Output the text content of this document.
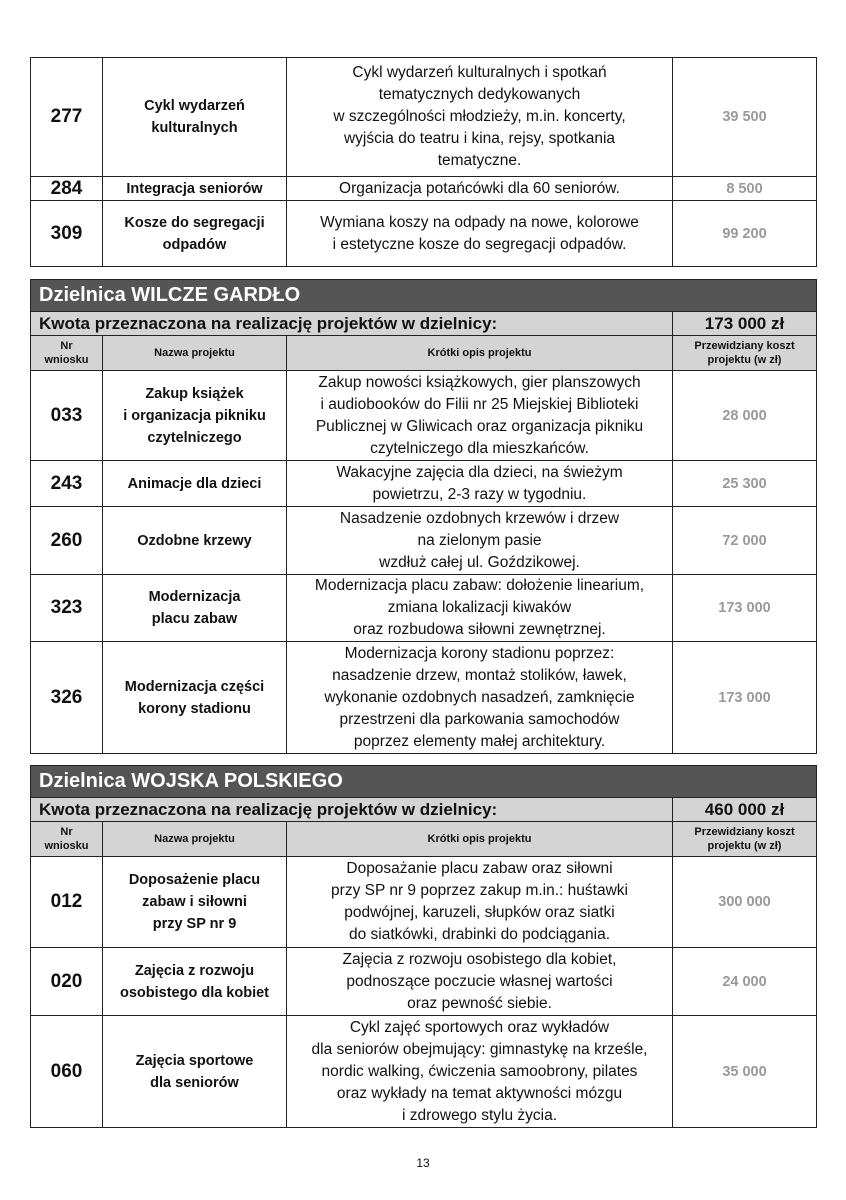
277	Cykl wydarzeń
kulturalnych	Cykl wydarzeń kulturalnych i spotkań
tematycznych dedykowanych
w szczególności młodzieży, m.in. koncerty,
wyjścia do teatru i kina, rejsy, spotkania
tematyczne.	39 500
284	Integracja seniorów	Organizacja potańcówki dla 60 seniorów.	8 500
309	Kosze do segregacji
odpadów	Wymiana koszy na odpady na nowe, kolorowe
i estetyczne kosze do segregacji odpadów.	99 200
Dzielnica WILCZE GARDŁO			
Kwota przeznaczona na realizację projektów w dzielnicy:			173 000 zł

Nr
wniosku	Nazwa projektu	Krótki opis projektu	Przewidziany koszt
projektu (w zł)

033	Zakup książek
i organizacja pikniku
czytelniczego	Zakup nowości książkowych, gier planszowych
i audiobooków do Filii nr 25 Miejskiej Biblioteki
Publicznej w Gliwicach oraz organizacja pikniku
czytelniczego dla mieszkańców.	28 000
243	Animacje dla dzieci	Wakacyjne zajęcia dla dzieci, na świeżym
powietrzu, 2-3 razy w tygodniu.	25 300
260	Ozdobne krzewy	Nasadzenie ozdobnych krzewów i drzew
na zielonym pasie
wzdłuż całej ul. Goździkowej.	72 000
323	Modernizacja
placu zabaw	Modernizacja placu zabaw: dołożenie linearium,
zmiana lokalizacji kiwaków
oraz rozbudowa siłowni zewnętrznej.	173 000
326	Modernizacja części
korony stadionu	Modernizacja korony stadionu poprzez:
nasadzenie drzew, montaż stolików, ławek,
wykonanie ozdobnych nasadzeń, zamknięcie
przestrzeni dla parkowania samochodów
poprzez elementy małej architektury.	173 000
Dzielnica WOJSKA POLSKIEGO			
Kwota przeznaczona na realizację projektów w dzielnicy:			460 000 zł

Nr
wniosku	Nazwa projektu	Krótki opis projektu	Przewidziany koszt
projektu (w zł)

012	Doposażenie placu
zabaw i siłowni
przy SP nr 9	Doposażanie placu zabaw oraz siłowni
przy SP nr 9 poprzez zakup m.in.: huśtawki
podwójnej, karuzeli, słupków oraz siatki
do siatkówki, drabinki do podciągania.	300 000
020	Zajęcia z rozwoju
osobistego dla kobiet	Zajęcia z rozwoju osobistego dla kobiet,
podnoszące poczucie własnej wartości
oraz pewność siebie.	24 000
060	Zajęcia sportowe
dla seniorów	Cykl zajęć sportowych oraz wykładów
dla seniorów obejmujący: gimnastykę na krześle,
nordic walking, ćwiczenia samoobrony, pilates
oraz wykłady na temat aktywności mózgu
i zdrowego stylu życia.	35 000
13
